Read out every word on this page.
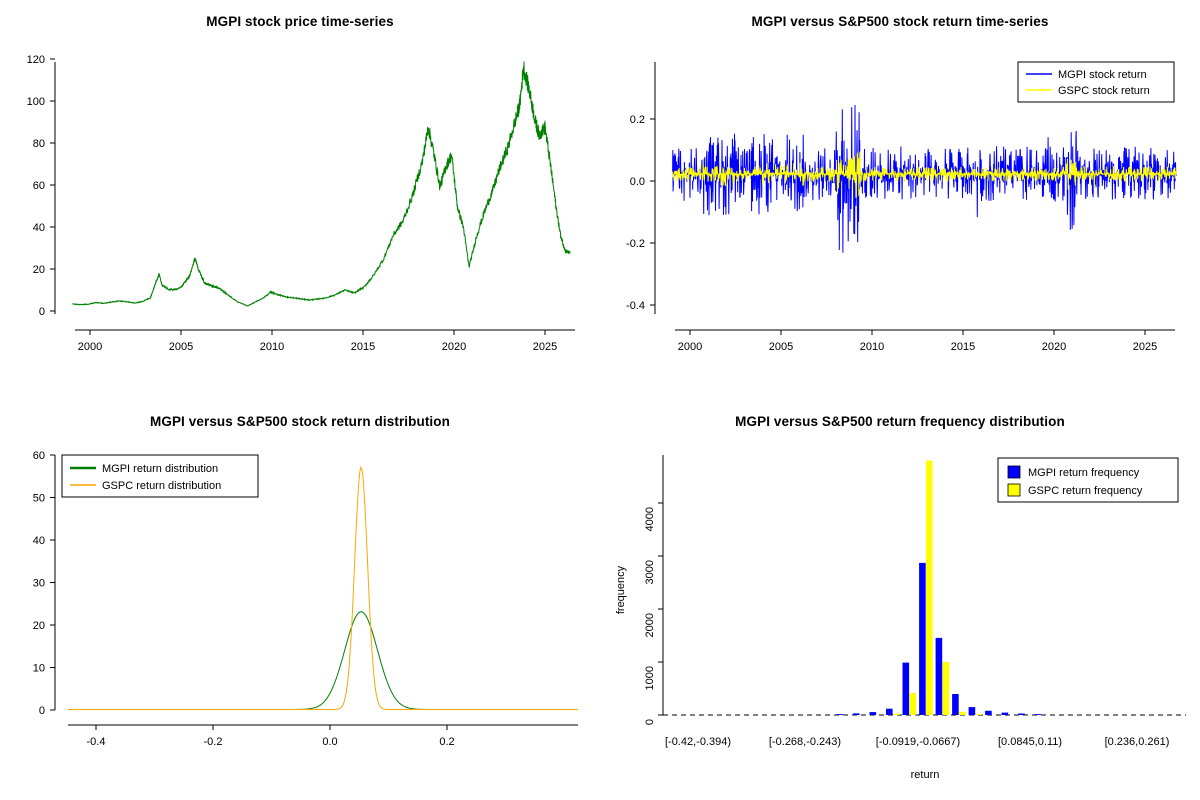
MGPI stock price time-series
0
20
40
60
80
100
120
2000	2005	2010	2015	2020	2025
MGPI versus S&P500 stock return time-series
-0.4
-0.2
0.0
0.2
2000	2005	2010	2015	2020	2025
MGPI stock return
GSPC stock return
MGPI versus S&P500 stock return distribution
0
10
20
30
40
50
60
-0.4	-0.2	0.0	0.2
MGPI return distribution
GSPC return distribution
MGPI versus S&P500 return frequency distribution
0
1000
2000
3000
4000
frequency
[-0.42,-0.394)	[-0.268,-0.243)	[-0.0919,-0.0667)	[0.0845,0.11)	[0.236,0.261)
return
MGPI return frequency
GSPC return frequency
